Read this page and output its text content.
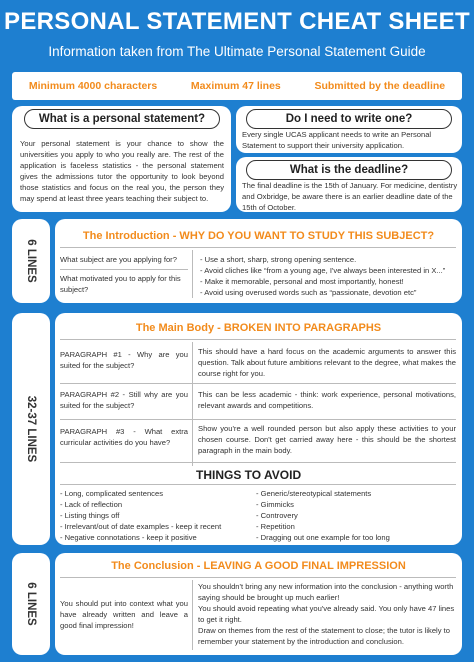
PERSONAL STATEMENT CHEAT SHEET
Information taken from The Ultimate Personal Statement Guide
Minimum 4000 characters	Maximum 47 lines	Submitted by the deadline
What is a personal statement?
Your personal statement is your chance to show the universities you apply to who you really are. The rest of the application is faceless statistics - the personal statement gives the admissions tutor the opportunity to look beyond those statistics and focus on the real you, the person they may spend at least three years teaching their subject to.
Do I need to write one?
Every single UCAS applicant needs to write an Personal Statement to support their university application.
What is the deadline?
The final deadline is the 15th of January. For medicine, dentistry and Oxbridge, be aware there is an earlier deadline date of the 15th of October.
6 LINES
The Introduction - WHY DO YOU WANT TO STUDY THIS SUBJECT?
What subject are you applying for?
What motivated you to apply for this subject?
- Use a short, sharp, strong opening sentence.
- Avoid cliches like “from a young age, I've always been interested in X...”
- Make it memorable, personal and most importantly, honest!
- Avoid using overused words such as “passionate, devotion etc”
32-37 LINES
The Main Body - BROKEN INTO PARAGRAPHS
PARAGRAPH #1 - Why are you suited for the subject?
This should have a hard focus on the academic arguments to answer this question. Talk about future ambitions relevant to the degree, what makes the course right for you.
PARAGRAPH #2 - Still why are you suited for the subject?
This can be less academic - think: work experience, personal motivations, relevant awards and competitions.
PARAGRAPH #3 - What extra curricular activities do you have?
Show you're a well rounded person but also apply these activities to your chosen course. Don't get carried away here - this should be the shortest paragraph in the main body.
THINGS TO AVOID
- Long, complicated sentences
- Lack of reflection
- Listing things off
- Irrelevant/out of date examples - keep it recent
- Negative connotations - keep it positive
- Generic/stereotypical statements
- Gimmicks
- Controvery
- Repetition
- Dragging out one example for too long
6 LINES
The Conclusion - LEAVING A GOOD FINAL IMPRESSION
You should put into context what you have already written and leave a good final impression!
You shouldn't bring any new information into the conclusion - anything worth saying should be brought up much earlier!
You should avoid repeating what you've already said. You only have 47 lines to get it right.
Draw on themes from the rest of the statement to close; the tutor is likely to remember your statement by the introduction and conclusion.
